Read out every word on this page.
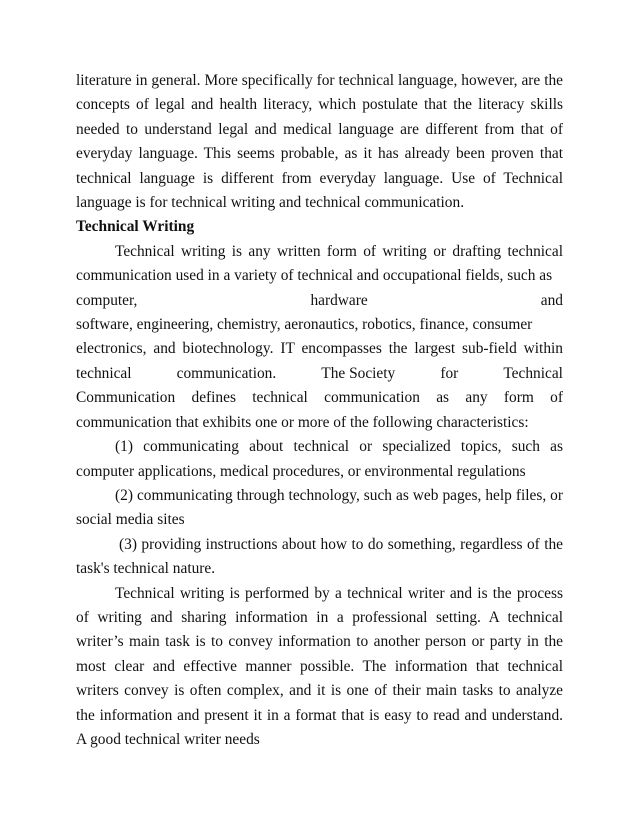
literature in general. More specifically for technical language, however, are the concepts of legal and health literacy, which postulate that the literacy skills needed to understand legal and medical language are different from that of everyday language. This seems probable, as it has already been proven that technical language is different from everyday language. Use of Technical language is for technical writing and technical communication.

Technical Writing

Technical writing is any written form of writing or drafting technical communication used in a variety of technical and occupational fields, such as

computer,	hardware	and

software, engineering, chemistry, aeronautics, robotics, finance, consumer

electronics, and biotechnology. IT encompasses the largest sub-field within

technical	communication.	The Society	for	Technical

Communication defines technical communication as any form of communication that exhibits one or more of the following characteristics:

(1) communicating about technical or specialized topics, such as computer applications, medical procedures, or environmental regulations

(2) communicating through technology, such as web pages, help files, or social media sites

(3) providing instructions about how to do something, regardless of the task's technical nature.

Technical writing is performed by a technical writer and is the process of writing and sharing information in a professional setting. A technical writer’s main task is to convey information to another person or party in the most clear and effective manner possible. The information that technical writers convey is often complex, and it is one of their main tasks to analyze the information and present it in a format that is easy to read and understand. A good technical writer needs
